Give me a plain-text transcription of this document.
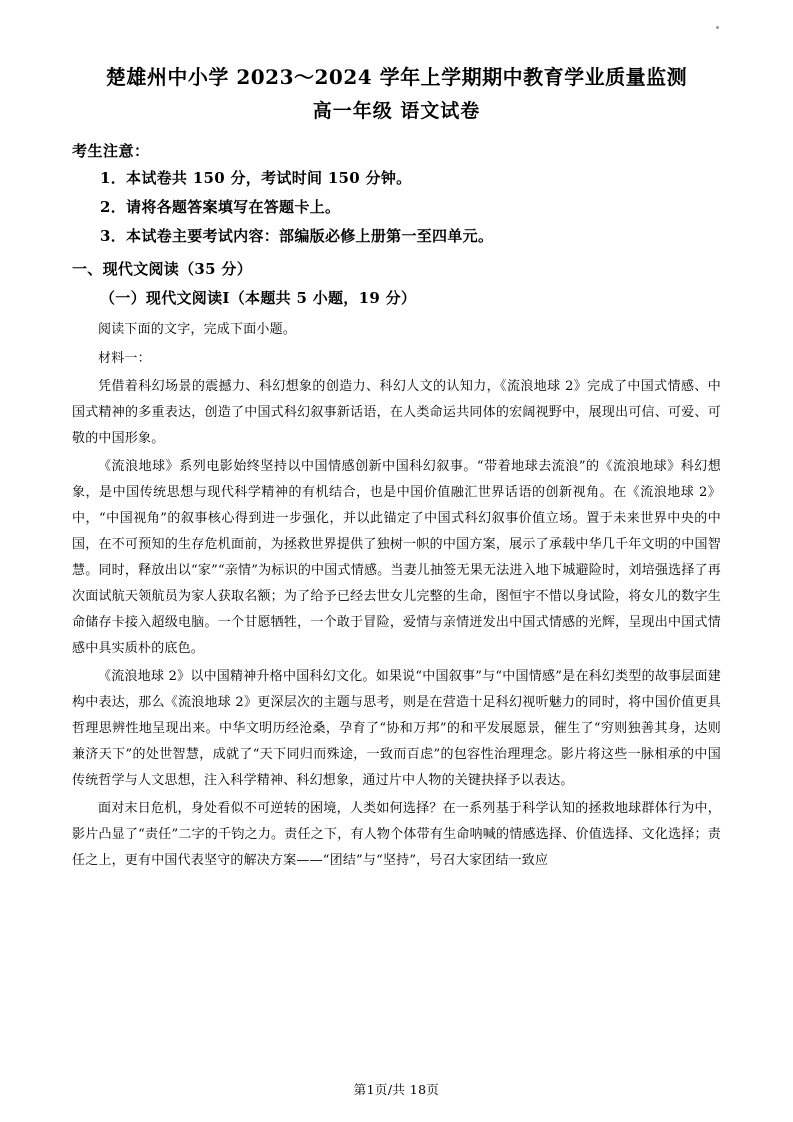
楚雄州中小学 2023～2024 学年上学期期中教育学业质量监测
高一年级 语文试卷
考生注意：
1．本试卷共 150 分，考试时间 150 分钟。
2．请将各题答案填写在答题卡上。
3．本试卷主要考试内容：部编版必修上册第一至四单元。
一、现代文阅读（35 分）
（一）现代文阅读Ⅰ（本题共 5 小题，19 分）
阅读下面的文字，完成下面小题。
材料一：

凭借着科幻场景的震撼力、科幻想象的创造力、科幻人文的认知力，《流浪地球 2》完成了中国式情感、中国式精神的多重表达，创造了中国式科幻叙事新话语，在人类命运共同体的宏阔视野中，展现出可信、可爱、可敬的中国形象。

《流浪地球》系列电影始终坚持以中国情感创新中国科幻叙事。“带着地球去流浪”的《流浪地球》科幻想象，是中国传统思想与现代科学精神的有机结合，也是中国价值融汇世界话语的创新视角。在《流浪地球 2》中，“中国视角”的叙事核心得到进一步强化，并以此锚定了中国式科幻叙事价值立场。置于未来世界中央的中国，在不可预知的生存危机面前，为拯救世界提供了独树一帜的中国方案，展示了承载中华几千年文明的中国智慧。同时，释放出以“家”“亲情”为标识的中国式情感。当妻儿抽签无果无法进入地下城避险时，刘培强选择了再次面试航天领航员为家人获取名额；为了给予已经去世女儿完整的生命，图恒宇不惜以身试险，将女儿的数字生命储存卡接入超级电脑。一个甘愿牺牲，一个敢于冒险，爱情与亲情迸发出中国式情感的光辉，呈现出中国式情感中具实质朴的底色。

《流浪地球 2》以中国精神升格中国科幻文化。如果说“中国叙事”与“中国情感”是在科幻类型的故事层面建构中表达，那么《流浪地球 2》更深层次的主题与思考，则是在营造十足科幻视听魅力的同时，将中国价值更具哲理思辨性地呈现出来。中华文明历经沧桑，孕育了“协和万邦”的和平发展愿景，催生了“穷则独善其身，达则兼济天下”的处世智慧，成就了“天下同归而殊途，一致而百虑”的包容性治理理念。影片将这些一脉相承的中国传统哲学与人文思想，注入科学精神、科幻想象，通过片中人物的关键抉择予以表达。

面对末日危机，身处看似不可逆转的困境，人类如何选择？在一系列基于科学认知的拯救地球群体行为中，影片凸显了“责任”二字的千钧之力。责任之下，有人物个体带有生命呐喊的情感选择、价值选择、文化选择；责任之上，更有中国代表坚守的解决方案——“团结”与“坚持”，号召大家团结一致应

第1页/共 18页
